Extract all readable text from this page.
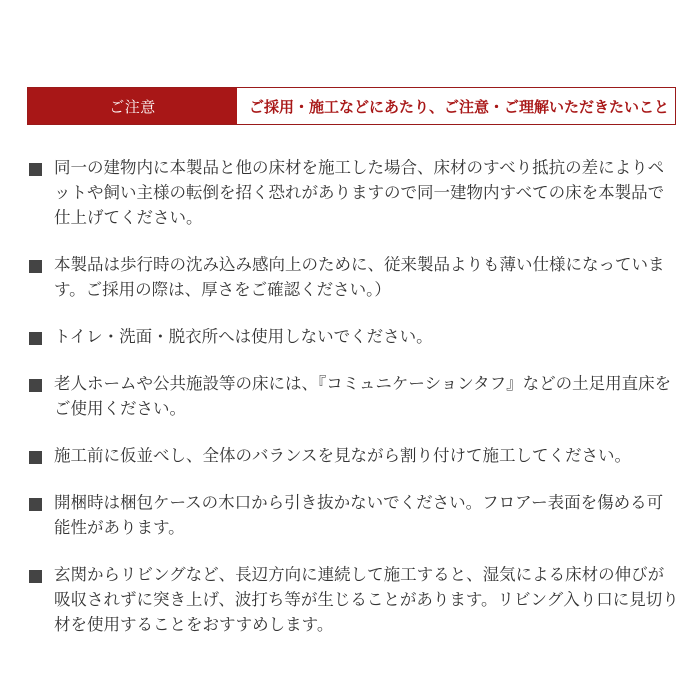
ご注意	ご採用・施工などにあたり、ご注意・ご理解いただきたいこと
同一の建物内に本製品と他の床材を施工した場合、床材のすべり抵抗の差によりペットや飼い主様の転倒を招く恐れがありますので同一建物内すべての床を本製品で仕上げてください。
本製品は歩行時の沈み込み感向上のために、従来製品よりも薄い仕様になっています。ご採用の際は、厚さをご確認ください。）
トイレ・洗面・脱衣所へは使用しないでください。
老人ホームや公共施設等の床には、『コミュニケーションタフ』などの土足用直床をご使用ください。
施工前に仮並べし、全体のバランスを見ながら割り付けて施工してください。
開梱時は梱包ケースの木口から引き抜かないでください。フロアー表面を傷める可能性があります。
玄関からリビングなど、長辺方向に連続して施工すると、湿気による床材の伸びが吸収されずに突き上げ、波打ち等が生じることがあります。リビング入り口に見切り材を使用することをおすすめします。
